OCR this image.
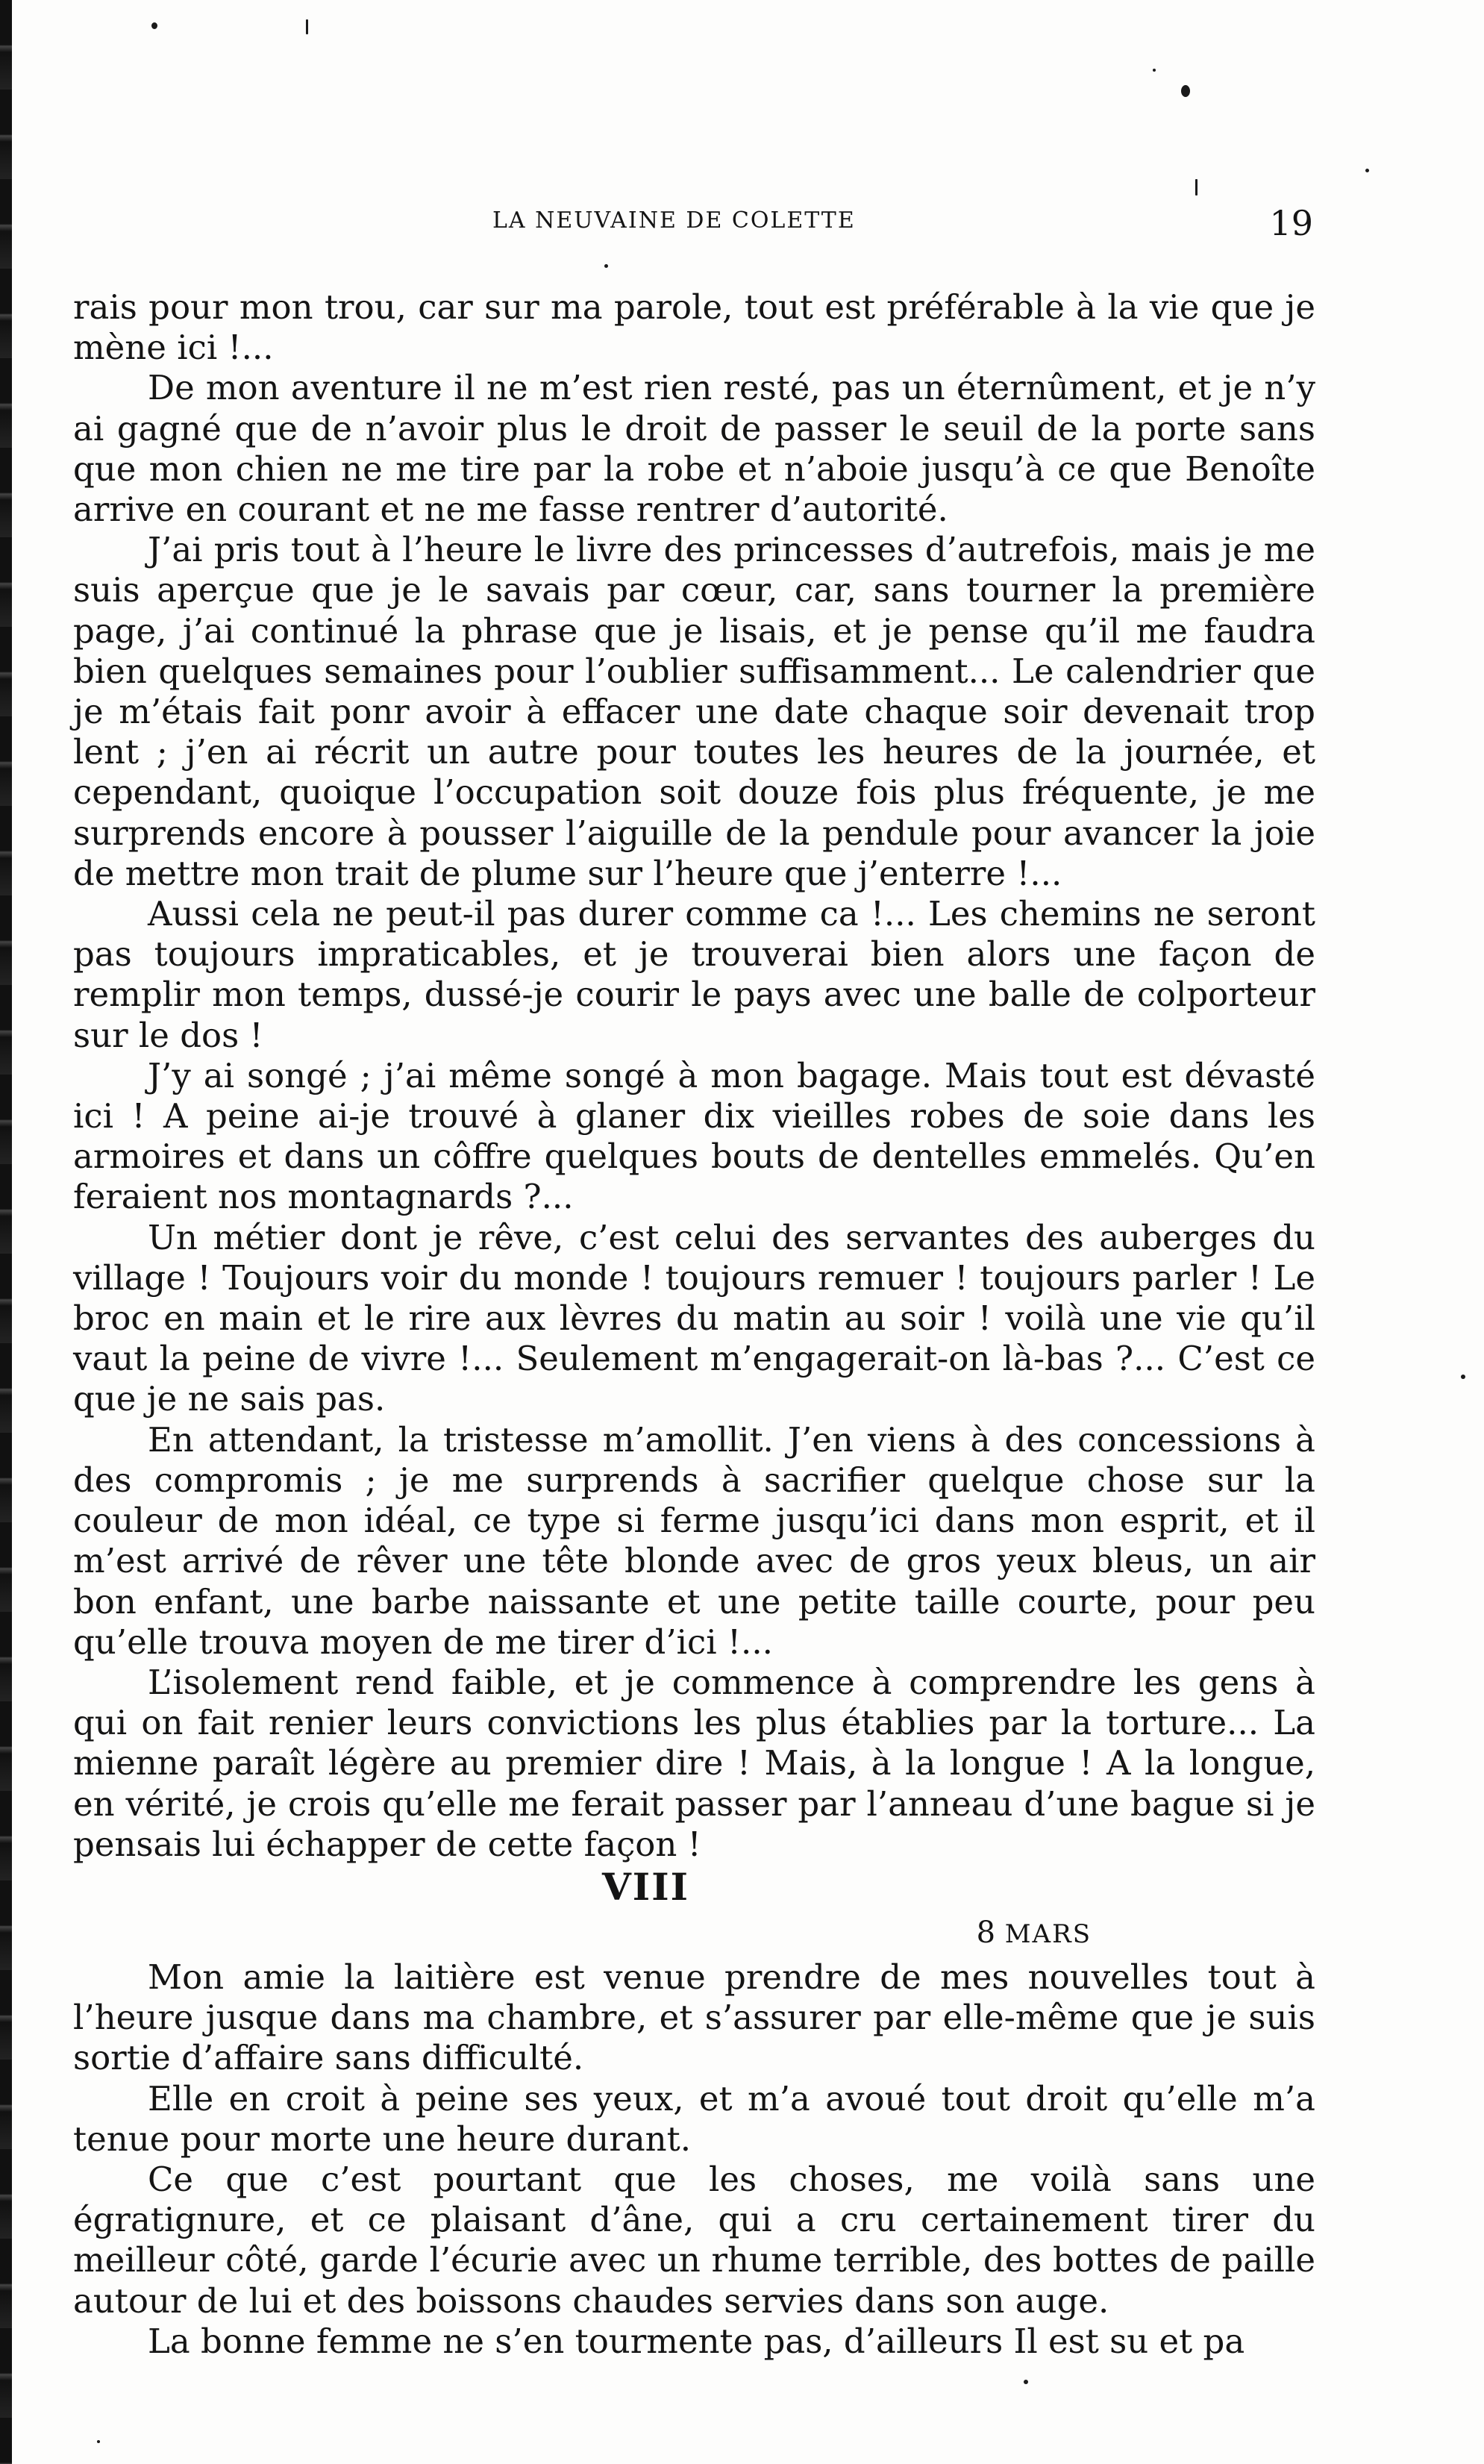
LA NEUVAINE DE COLETTE	19

rais pour mon trou, car sur ma parole, tout est préférable à la vie que je mène ici !...

De mon aventure il ne m’est rien resté, pas un éternûment, et je n’y ai gagné que de n’avoir plus le droit de passer le seuil de la porte sans que mon chien ne me tire par la robe et n’aboie jusqu’à ce que Benoîte arrive en courant et ne me fasse rentrer d’autorité.

J’ai pris tout à l’heure le livre des princesses d’autrefois, mais je me suis aperçue que je le savais par cœur, car, sans tourner la première page, j’ai continué la phrase que je lisais, et je pense qu’il me faudra bien quelques semaines pour l’oublier suffisamment... Le calendrier que je m’étais fait ponr avoir à effacer une date chaque soir devenait trop lent ; j’en ai récrit un autre pour toutes les heures de la journée, et cependant, quoique l’occupation soit douze fois plus fréquente, je me surprends encore à pousser l’aiguille de la pendule pour avancer la joie de mettre mon trait de plume sur l’heure que j’enterre !...

Aussi cela ne peut-il pas durer comme ca !... Les chemins ne seront pas toujours impraticables, et je trouverai bien alors une façon de remplir mon temps, dussé-je courir le pays avec une balle de colporteur sur le dos !

J’y ai songé ; j’ai même songé à mon bagage. Mais tout est dévasté ici ! A peine ai-je trouvé à glaner dix vieilles robes de soie dans les armoires et dans un côffre quelques bouts de dentelles emmelés. Qu’en feraient nos montagnards ?...

Un métier dont je rêve, c’est celui des servantes des auberges du village ! Toujours voir du monde ! toujours remuer ! toujours parler ! Le broc en main et le rire aux lèvres du matin au soir ! voilà une vie qu’il vaut la peine de vivre !... Seulement m’engagerait-on là-bas ?... C’est ce que je ne sais pas.

En attendant, la tristesse m’amollit. J’en viens à des concessions à des compromis ; je me surprends à sacrifier quelque chose sur la couleur de mon idéal, ce type si ferme jusqu’ici dans mon esprit, et il m’est arrivé de rêver une tête blonde avec de gros yeux bleus, un air bon enfant, une barbe naissante et une petite taille courte, pour peu qu’elle trouva moyen de me tirer d’ici !...

L’isolement rend faible, et je commence à comprendre les gens à qui on fait renier leurs convictions les plus établies par la torture... La mienne paraît légère au premier dire ! Mais, à la longue ! A la longue, en vérité, je crois qu’elle me ferait passer par l’anneau d’une bague si je pensais lui échapper de cette façon !

VIII

8 MARS

Mon amie la laitière est venue prendre de mes nouvelles tout à l’heure jusque dans ma chambre, et s’assurer par elle-même que je suis sortie d’affaire sans difficulté.

Elle en croit à peine ses yeux, et m’a avoué tout droit qu’elle m’a tenue pour morte une heure durant.

Ce que c’est pourtant que les choses, me voilà sans une égratignure, et ce plaisant d’âne, qui a cru certainement tirer du meilleur côté, garde l’écurie avec un rhume terrible, des bottes de paille autour de lui et des boissons chaudes servies dans son auge.

La bonne femme ne s’en tourmente pas, d’ailleurs Il est su et pa
